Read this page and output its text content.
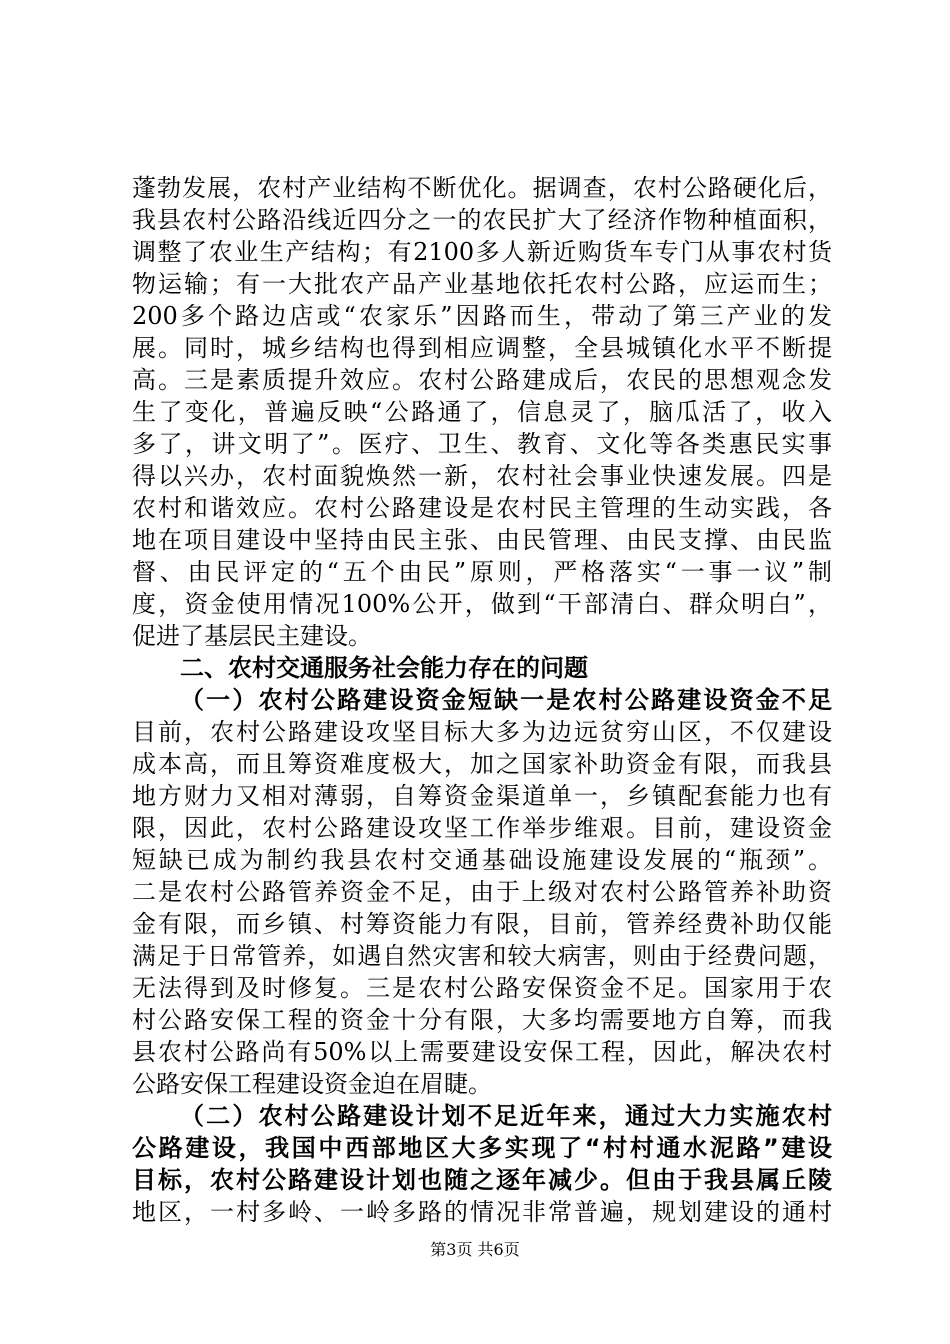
蓬勃发展，农村产业结构不断优化。据调查，农村公路硬化后，
我县农村公路沿线近四分之一的农民扩大了经济作物种植面积，
调整了农业生产结构；有2100多人新近购货车专门从事农村货
物运输；有一大批农产品产业基地依托农村公路，应运而生；
200多个路边店或“农家乐”因路而生，带动了第三产业的发
展。同时，城乡结构也得到相应调整，全县城镇化水平不断提
高。三是素质提升效应。农村公路建成后，农民的思想观念发
生了变化，普遍反映“公路通了，信息灵了，脑瓜活了，收入
多了，讲文明了”。医疗、卫生、教育、文化等各类惠民实事
得以兴办，农村面貌焕然一新，农村社会事业快速发展。四是
农村和谐效应。农村公路建设是农村民主管理的生动实践，各
地在项目建设中坚持由民主张、由民管理、由民支撑、由民监
督、由民评定的“五个由民”原则，严格落实“一事一议”制
度，资金使用情况100%公开，做到“干部清白、群众明白”，
促进了基层民主建设。
二、农村交通服务社会能力存在的问题
（一）农村公路建设资金短缺一是农村公路建设资金不足
目前，农村公路建设攻坚目标大多为边远贫穷山区，不仅建设
成本高，而且筹资难度极大，加之国家补助资金有限，而我县
地方财力又相对薄弱，自筹资金渠道单一，乡镇配套能力也有
限，因此，农村公路建设攻坚工作举步维艰。目前，建设资金
短缺已成为制约我县农村交通基础设施建设发展的“瓶颈”。
二是农村公路管养资金不足，由于上级对农村公路管养补助资
金有限，而乡镇、村筹资能力有限，目前，管养经费补助仅能
满足于日常管养，如遇自然灾害和较大病害，则由于经费问题，
无法得到及时修复。三是农村公路安保资金不足。国家用于农
村公路安保工程的资金十分有限，大多均需要地方自筹，而我
县农村公路尚有50%以上需要建设安保工程，因此，解决农村
公路安保工程建设资金迫在眉睫。
（二）农村公路建设计划不足近年来，通过大力实施农村
公路建设，我国中西部地区大多实现了“村村通水泥路”建设
目标，农村公路建设计划也随之逐年减少。但由于我县属丘陵
地区，一村多岭、一岭多路的情况非常普遍，规划建设的通村
第3页 共6页
